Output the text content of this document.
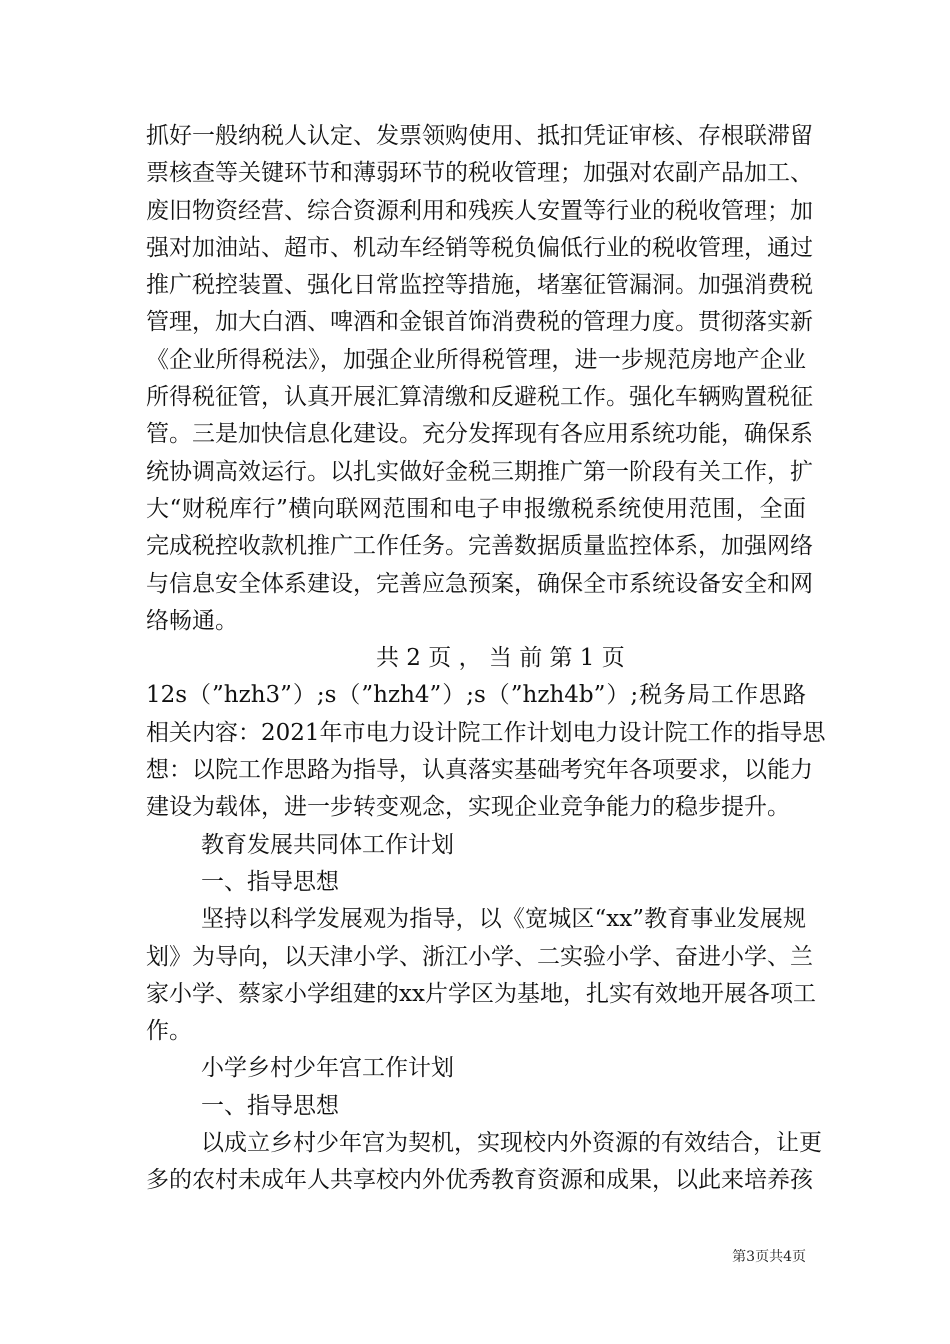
抓好一般纳税人认定、发票领购使用、抵扣凭证审核、存根联滞留
票核查等关键环节和薄弱环节的税收管理；加强对农副产品加工、
废旧物资经营、综合资源利用和残疾人安置等行业的税收管理；加
强对加油站、超市、机动车经销等税负偏低行业的税收管理，通过
推广税控装置、强化日常监控等措施，堵塞征管漏洞。加强消费税
管理，加大白酒、啤酒和金银首饰消费税的管理力度。贯彻落实新
《企业所得税法》，加强企业所得税管理，进一步规范房地产企业
所得税征管，认真开展汇算清缴和反避税工作。强化车辆购置税征
管。三是加快信息化建设。充分发挥现有各应用系统功能，确保系
统协调高效运行。以扎实做好金税三期推广第一阶段有关工作，扩
大“财税库行”横向联网范围和电子申报缴税系统使用范围，全面
完成税控收款机推广工作任务。完善数据质量监控体系，加强网络
与信息安全体系建设，完善应急预案，确保全市系统设备安全和网
络畅通。
共 2 页 ， 当 前 第 1 页
12s（”hzh3”）;s（”hzh4”）;s（”hzh4b”）;税务局工作思路
相关内容：2021年市电力设计院工作计划电力设计院工作的指导思
想：以院工作思路为指导，认真落实基础考究年各项要求，以能力
建设为载体，进一步转变观念，实现企业竞争能力的稳步提升。
教育发展共同体工作计划
一、指导思想
坚持以科学发展观为指导，以《宽城区“xx”教育事业发展规
划》为导向，以天津小学、浙江小学、二实验小学、奋进小学、兰
家小学、蔡家小学组建的xx片学区为基地，扎实有效地开展各项工
作。
小学乡村少年宫工作计划
一、指导思想
以成立乡村少年宫为契机，实现校内外资源的有效结合，让更
多的农村未成年人共享校内外优秀教育资源和成果，以此来培养孩
第3页共4页
